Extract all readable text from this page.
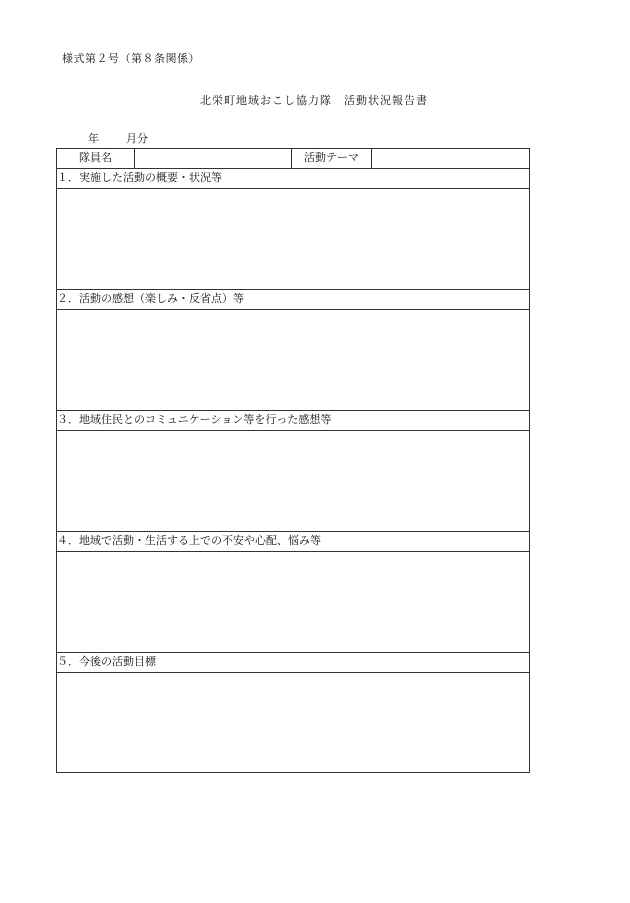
様式第２号（第８条関係）
北栄町地域おこし協力隊　活動状況報告書
年 月分
隊員名		活動テーマ	
１．実施した活動の概要・状況等

２．活動の感想（楽しみ・反省点）等

３．地域住民とのコミュニケーション等を行った感想等

４．地域で活動・生活する上での不安や心配、悩み等

５．今後の活動目標
